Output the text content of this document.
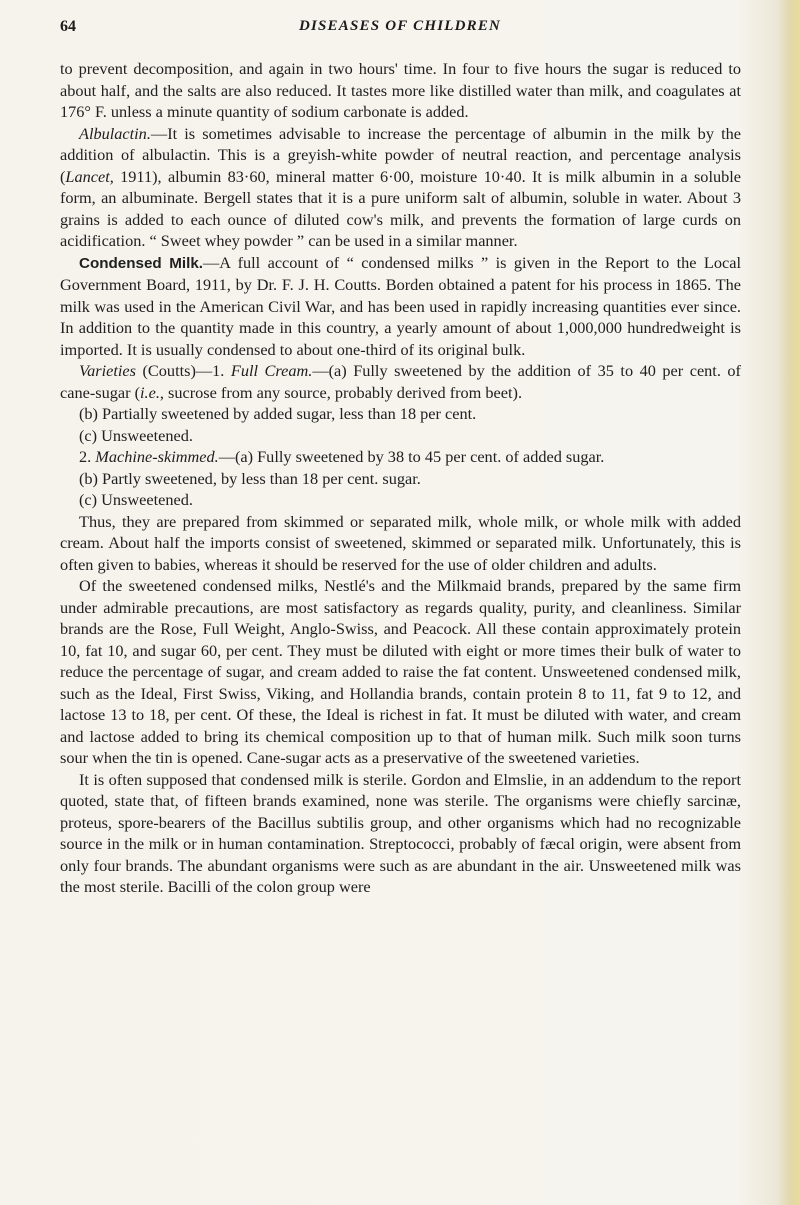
64	DISEASES OF CHILDREN

to prevent decomposition, and again in two hours' time. In four to five hours the sugar is reduced to about half, and the salts are also reduced. It tastes more like distilled water than milk, and coagulates at 176° F. unless a minute quantity of sodium carbonate is added.

Albulactin.—It is sometimes advisable to increase the percentage of albumin in the milk by the addition of albulactin. This is a greyish-white powder of neutral reaction, and percentage analysis (Lancet, 1911), albumin 83·60, mineral matter 6·00, moisture 10·40. It is milk albumin in a soluble form, an albuminate. Bergell states that it is a pure uniform salt of albumin, soluble in water. About 3 grains is added to each ounce of diluted cow's milk, and prevents the formation of large curds on acidification. “ Sweet whey powder ” can be used in a similar manner.

Condensed Milk.—A full account of “ condensed milks ” is given in the Report to the Local Government Board, 1911, by Dr. F. J. H. Coutts. Borden obtained a patent for his process in 1865. The milk was used in the American Civil War, and has been used in rapidly increasing quantities ever since. In addition to the quantity made in this country, a yearly amount of about 1,000,000 hundredweight is imported. It is usually condensed to about one-third of its original bulk.

Varieties (Coutts)—1. Full Cream.—(a) Fully sweetened by the addition of 35 to 40 per cent. of cane-sugar (i.e., sucrose from any source, probably derived from beet).

(b) Partially sweetened by added sugar, less than 18 per cent.

(c) Unsweetened.

2. Machine-skimmed.—(a) Fully sweetened by 38 to 45 per cent. of added sugar.

(b) Partly sweetened, by less than 18 per cent. sugar.

(c) Unsweetened.

Thus, they are prepared from skimmed or separated milk, whole milk, or whole milk with added cream. About half the imports consist of sweetened, skimmed or separated milk. Unfortunately, this is often given to babies, whereas it should be reserved for the use of older children and adults.

Of the sweetened condensed milks, Nestlé's and the Milkmaid brands, prepared by the same firm under admirable precautions, are most satisfactory as regards quality, purity, and cleanliness. Similar brands are the Rose, Full Weight, Anglo-Swiss, and Peacock. All these contain approximately protein 10, fat 10, and sugar 60, per cent. They must be diluted with eight or more times their bulk of water to reduce the percentage of sugar, and cream added to raise the fat content. Unsweetened condensed milk, such as the Ideal, First Swiss, Viking, and Hollandia brands, contain protein 8 to 11, fat 9 to 12, and lactose 13 to 18, per cent. Of these, the Ideal is richest in fat. It must be diluted with water, and cream and lactose added to bring its chemical composition up to that of human milk. Such milk soon turns sour when the tin is opened. Cane-sugar acts as a preservative of the sweetened varieties.

It is often supposed that condensed milk is sterile. Gordon and Elmslie, in an addendum to the report quoted, state that, of fifteen brands examined, none was sterile. The organisms were chiefly sarcinæ, proteus, spore-bearers of the Bacillus subtilis group, and other organisms which had no recognizable source in the milk or in human contamination. Streptococci, probably of fæcal origin, were absent from only four brands. The abundant organisms were such as are abundant in the air. Unsweetened milk was the most sterile. Bacilli of the colon group were
